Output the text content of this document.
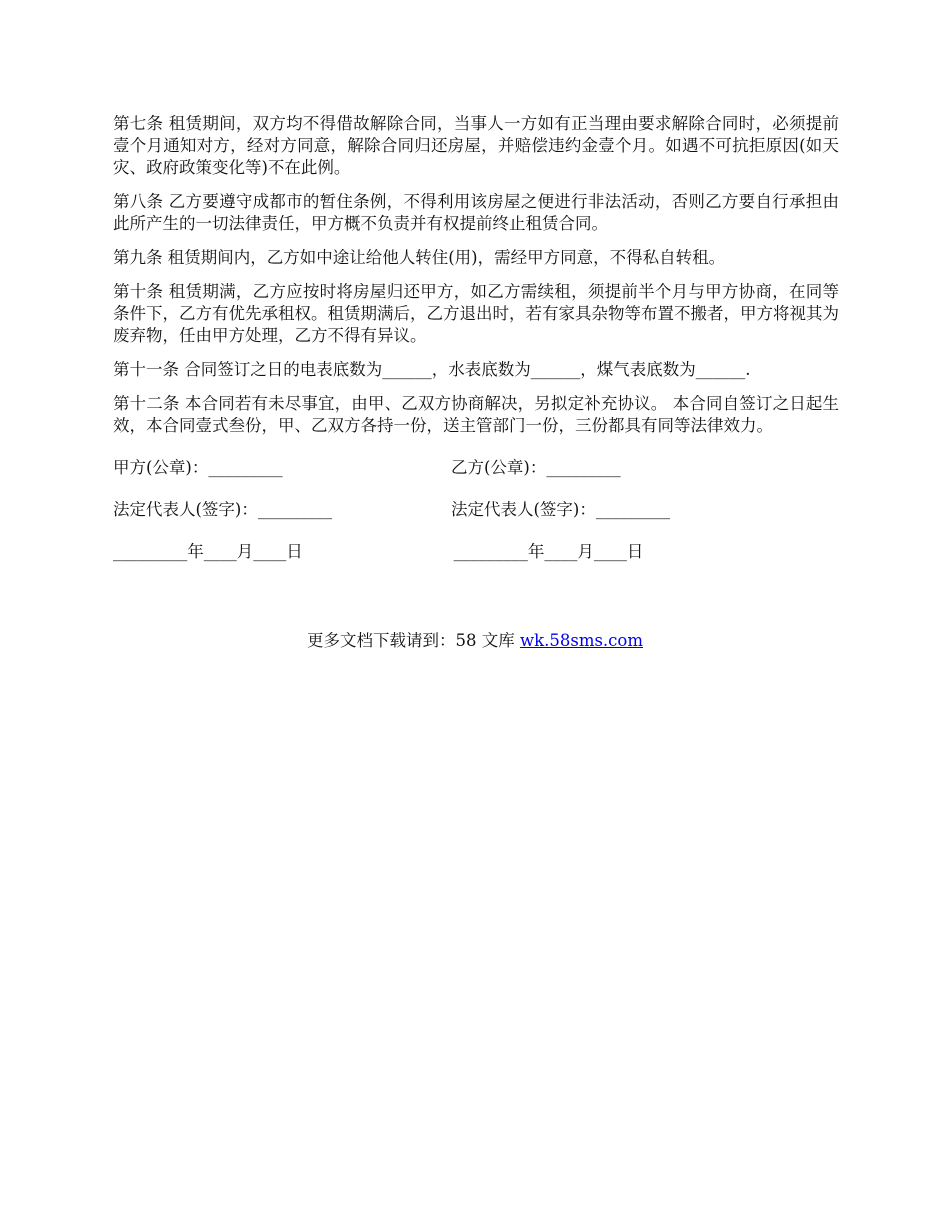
第七条 租赁期间，双方均不得借故解除合同，当事人一方如有正当理由要求解除合同时，必须提前壹个月通知对方，经对方同意，解除合同归还房屋，并赔偿违约金壹个月。如遇不可抗拒原因(如天灾、政府政策变化等)不在此例。

第八条 乙方要遵守成都市的暂住条例，不得利用该房屋之便进行非法活动，否则乙方要自行承担由此所产生的一切法律责任，甲方概不负责并有权提前终止租赁合同。

第九条 租赁期间内，乙方如中途让给他人转住(用)，需经甲方同意，不得私自转租。

第十条 租赁期满，乙方应按时将房屋归还甲方，如乙方需续租，须提前半个月与甲方协商，在同等条件下，乙方有优先承租权。租赁期满后，乙方退出时，若有家具杂物等布置不搬者，甲方将视其为废弃物，任由甲方处理，乙方不得有异议。

第十一条 合同签订之日的电表底数为______，水表底数为______，煤气表底数为______.

第十二条 本合同若有未尽事宜，由甲、乙双方协商解决，另拟定补充协议。 本合同自签订之日起生效，本合同壹式叁份，甲、乙双方各持一份，送主管部门一份，三份都具有同等法律效力。

甲方(公章)：_________	乙方(公章)：_________
法定代表人(签字)：_________	法定代表人(签字)：_________
_________年____月____日	_________年____月____日
更多文档下载请到：58 文库 wk.58sms.com
